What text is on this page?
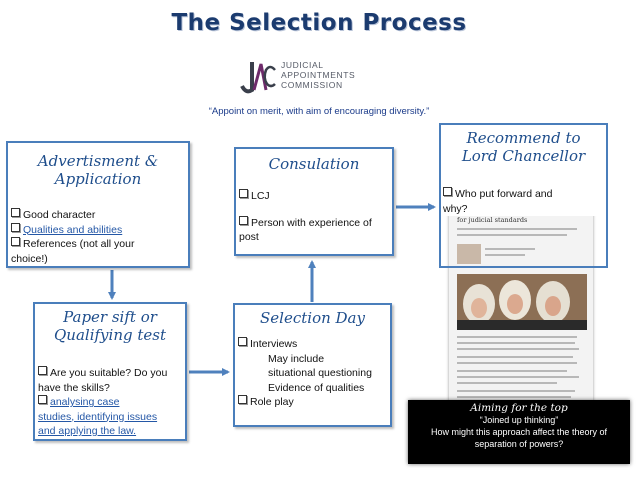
The Selection Process
JUDICIAL
APPOINTMENTS
COMMISSION
“Appoint on merit, with aim of encouraging diversity.”
for judicial standards
Advertisment &
Application
Good character
Qualities and abilities
References (not all your
choice!)
Consulation
LCJ
Person with experience of
post
Recommend to
Lord Chancellor
Who put forward and
why?
Paper sift or
Qualifying test
Are you suitable? Do you
have the skills?
analysing case
studies, identifying issues
and applying the law.
Selection Day
Interviews
May include
situational questioning
Evidence of qualities
Role play	Aiming for the top
“Joined up thinking”
How might this approach affect the theory of
separation of powers?
